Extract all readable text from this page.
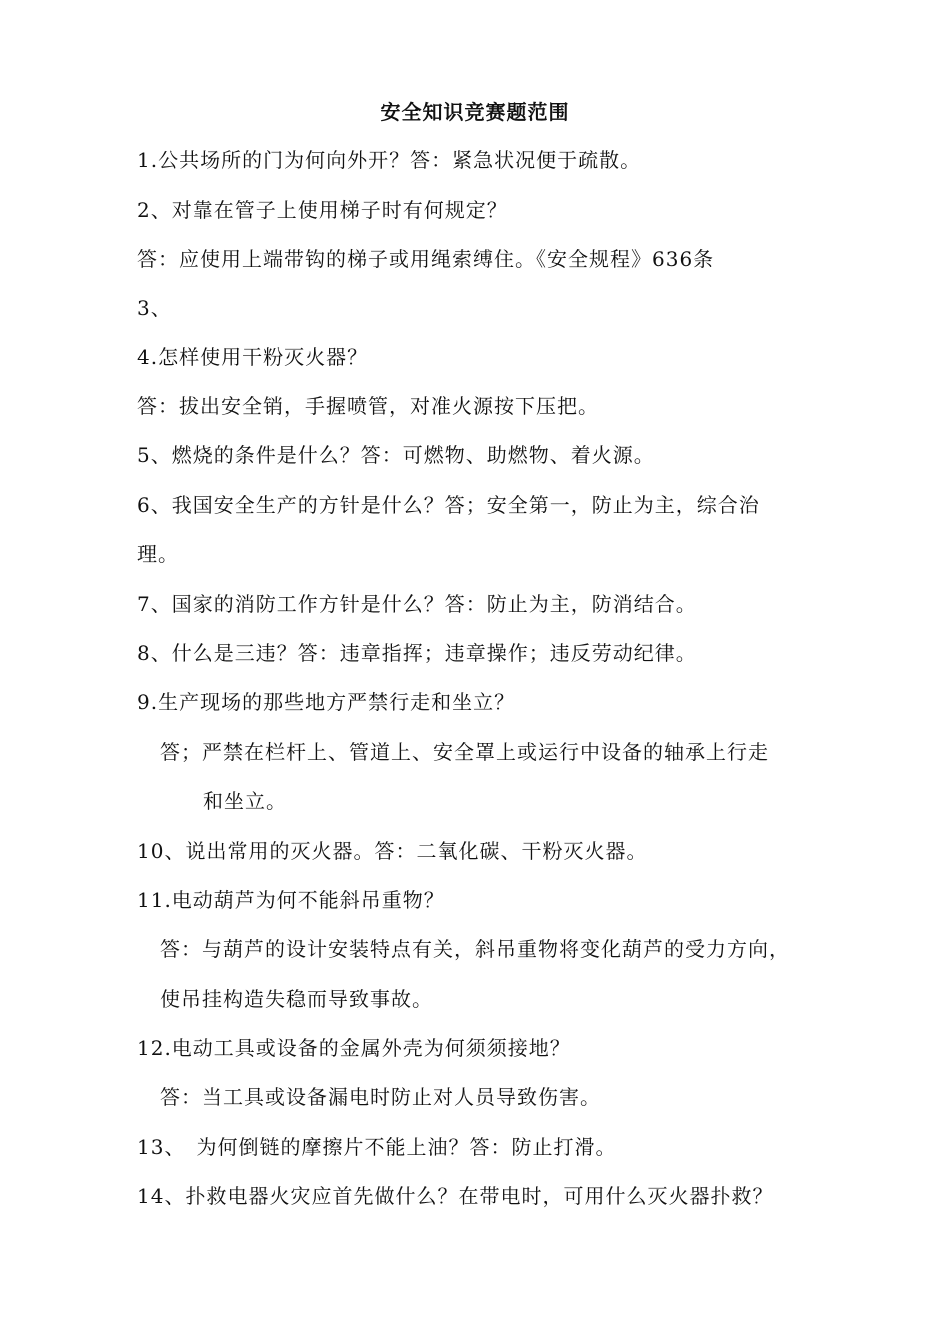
安全知识竞赛题范围
1.公共场所的门为何向外开？答：紧急状况便于疏散。
2、对靠在管子上使用梯子时有何规定？
答：应使用上端带钩的梯子或用绳索缚住。《安全规程》636条
3、
4.怎样使用干粉灭火器？
答：拔出安全销，手握喷管，对准火源按下压把。
5、燃烧的条件是什么？答：可燃物、助燃物、着火源。
6、我国安全生产的方针是什么？答；安全第一，防止为主，综合治
理。
7、国家的消防工作方针是什么？答：防止为主，防消结合。
8、什么是三违？答：违章指挥；违章操作；违反劳动纪律。
9.生产现场的那些地方严禁行走和坐立？
答；严禁在栏杆上、管道上、安全罩上或运行中设备的轴承上行走
和坐立。
10、说出常用的灭火器。答：二氧化碳、干粉灭火器。
11.电动葫芦为何不能斜吊重物？
答：与葫芦的设计安装特点有关，斜吊重物将变化葫芦的受力方向，
使吊挂构造失稳而导致事故。
12.电动工具或设备的金属外壳为何须须接地？
答：当工具或设备漏电时防止对人员导致伤害。
13、　为何倒链的摩擦片不能上油？答：防止打滑。
14、扑救电器火灾应首先做什么？在带电时，可用什么灭火器扑救？
